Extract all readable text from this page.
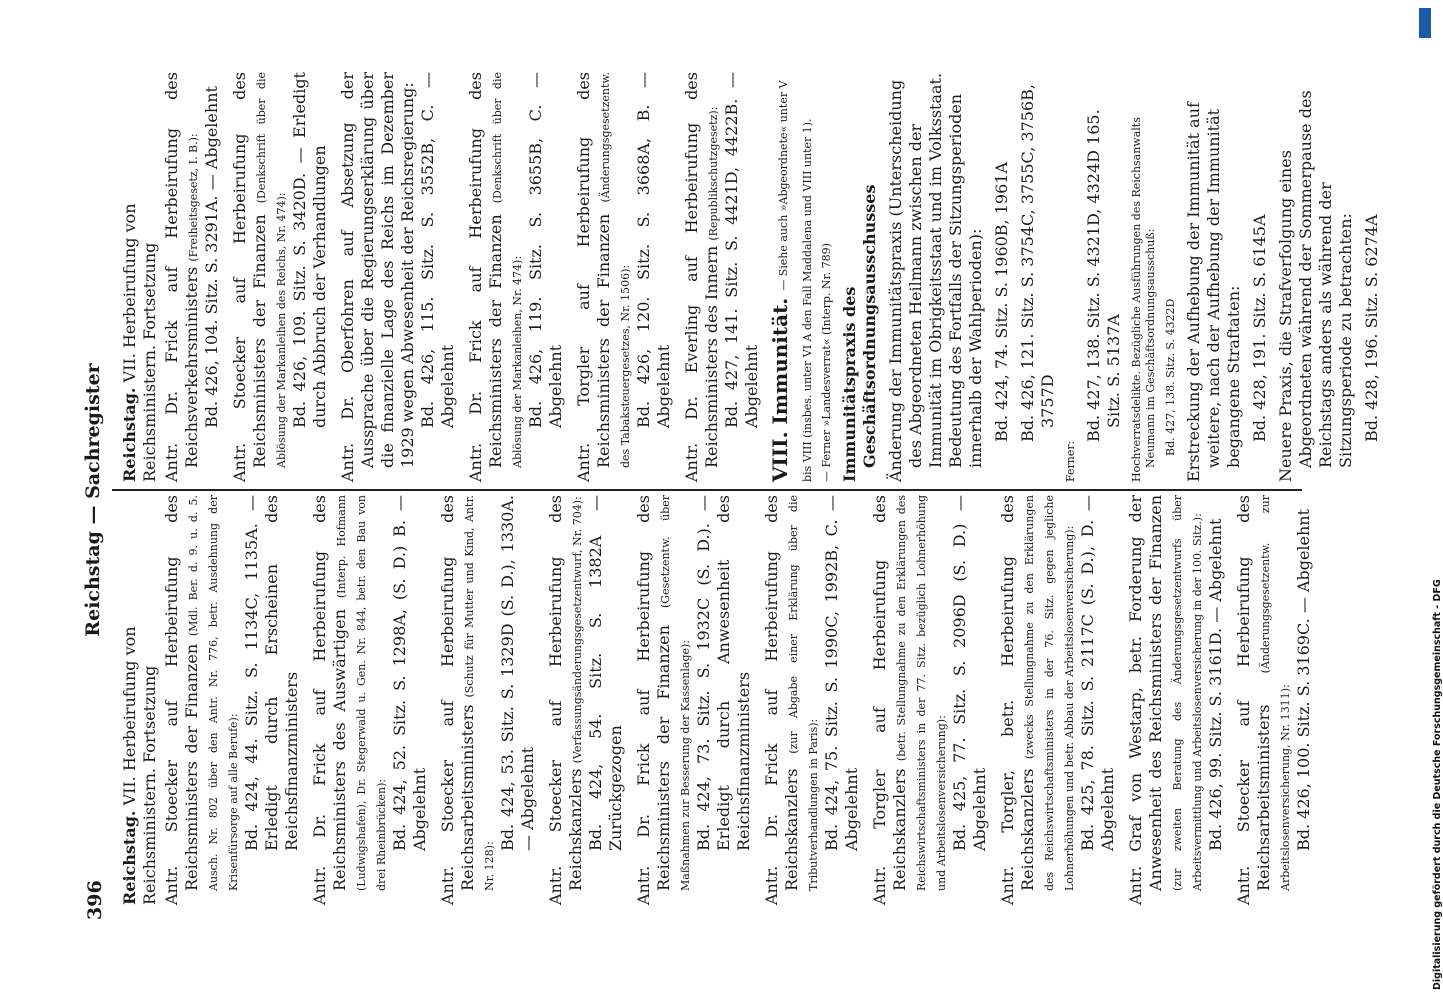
396
Reichstag — Sachregister
Reichstag. VII. Herbeirufung von Reichsministern. Fortsetzung Antr. Stoecker auf Herbeirufung des Reichsministers der Finanzen (Mdl. Ber. d. 9. u. d. 5. Ausch. Nr. 802 über den Antr. Nr. 776, betr. Ausdehnung der Krisenfürsorge auf alle Berufe): Bd. 424, 44. Sitz. S. 1134C, 1135A. — Erledigt durch Erscheinen des Reichsfinanzministers Antr. Dr. Frick auf Herbeirufung des Reichsministers des Auswärtigen (Interp. Hofmann (Ludwigshafen), Dr. Stegerwald u. Gen. Nr. 844, betr. den Bau von drei Rheinbrücken): Bd. 424, 52. Sitz. S. 1298A, (S. D.) B. — Abgelehnt Antr. Stoecker auf Herbeirufung des Reichsarbeitsministers (Schutz für Mutter und Kind, Antr. Nr. 128):
Bd. 424, 53. Sitz. S. 1329D (S. D.), 1330A. — Abgelehnt Antr. Stoecker auf Herbeirufung des Reichskanzlers (Verfassungsänderungsgesetzentwurf, Nr. 704): Bd. 424, 54. Sitz. S. 1382A — Zurückgezogen Antr. Dr. Frick auf Herbeirufung des Reichsministers der Finanzen (Gesetzentw. über Maßnahmen zur Besserung der Kassenlage): Bd. 424, 73. Sitz. S. 1932C (S. D.). — Erledigt durch Anwesenheit des Reichsfinanzministers Antr. Dr. Frick auf Herbeirufung des Reichskanzlers (zur Abgabe einer Erklärung über die Tributverhandlungen in Paris): Bd. 424, 75. Sitz. S. 1990C, 1992B, C. — Abgelehnt Antr. Torgler auf Herbeirufung des Reichskanzlers (betr. Stellungnahme zu den Erklärungen des Reichswirtschaftsministers in der 77. Sitz. bezüglich Lohnerhöhung und Arbeitslosenversicherung): Bd. 425, 77. Sitz. S. 2096D (S. D.) — Abgelehnt Antr. Torgler, betr. Herbeirufung des Reichskanzlers (zwecks Stellungnahme zu den Erklärungen des Reichswirtschaftsministers in der 76. Sitz. gegen jegliche Lohnerhöhungen und betr. Abbau der Arbeitslosenversicherung): Bd. 425, 78. Sitz. S. 2117C (S. D.), D. — Abgelehnt Antr. Graf von Westarp, betr. Forderung der Anwesenheit des Reichsministers der Finanzen (zur zweiten Beratung des Änderungsgesetzentwurfs über Arbeitsvermittlung und Arbeitslosenversicherung in der 100. Sitz.): Bd. 426, 99. Sitz. S. 3161D. — Abgelehnt Antr. Stoecker auf Herbeirufung des Reichsarbeitsministers (Änderungsgesetzentw. zur Arbeitslosenversicherung, Nr. 1311): Bd. 426, 100. Sitz. S. 3169C. — Abgelehnt
Reichstag. VII. Herbeirufung von Reichsministern. Fortsetzung Antr. Dr. Frick auf Herbeirufung des Reichsverkehrsministers (Freiheitsgesetz, I. B.): Bd. 426, 104. Sitz. S. 3291A. — Abgelehnt Antr. Stoecker auf Herbeirufung des Reichsministers der Finanzen (Denkschrift über die Ablösung der Markanleihen des Reichs, Nr. 474): Bd. 426, 109. Sitz. S. 3420D. — Erledigt durch Abbruch der Verhandlungen Antr. Dr. Oberfohren auf Absetzung der Aussprache über die Regierungserklärung über die finanzielle Lage des Reichs im Dezember 1929 wegen Abwesenheit der Reichsregierung: Bd. 426, 115. Sitz. S. 3552B, C. — Abgelehnt Antr. Dr. Frick auf Herbeirufung des Reichsministers der Finanzen (Denkschrift über die Ablösung der Markanleihen, Nr. 474): Bd. 426, 119. Sitz. S. 3655B, C. — Abgelehnt Antr. Torgler auf Herbeirufung des Reichsministers der Finanzen (Änderungsgesetzentw. des Tabaksteuergesetzes, Nr. 1506): Bd. 426, 120. Sitz. S. 3668A, B. — Abgelehnt Antr. Dr. Everling auf Herbeirufung des Reichsministers des Innern (Republikschutzgesetz): Bd. 427, 141. Sitz. S. 4421D, 4422B. — Abgelehnt VIII. Immunität. — Siehe auch »Abgeordnete« unter V bis VIII (insbes. unter VI A den Fall Maddalena und VIII unter 1). — Ferner »Landesverrat« (Interp. Nr. 789) Immunitätspraxis des Geschäftsordnungsausschusses Änderung der Immunitätspraxis (Unterscheidung des Abgeordneten Heilmann zwischen der Immunität im Obrigkeitsstaat und im Volksstaat. Bedeutung des Fortfalls der Sitzungsperioden innerhalb der Wahlperioden): Bd. 424, 74. Sitz. S. 1960B, 1961A Bd. 426, 121. Sitz. S. 3754C, 3755C, 3756B, 3757D
Ferner:
Bd. 427, 138. Sitz. S. 4321D, 4324D 165. Sitz. S. 5137A Hochverratsdelikte. Bezügliche Ausführungen des Reichsanwalts Neumann im Geschäftsordnungsausschuß: Bd. 427, 138. Sitz. S. 4322D Erstreckung der Aufhebung der Immunität auf weitere, nach der Aufhebung der Immunität begangene Straftaten: Bd. 428, 191. Sitz. S. 6145A Neuere Praxis, die Strafverfolgung eines Abgeordneten während der Sommerpause des Reichstags anders als während der Sitzungsperiode zu betrachten: Bd. 428, 196. Sitz. S. 6274A
Digitalisierung gefördert durch die Deutsche Forschungsgemeinschaft - DFG
